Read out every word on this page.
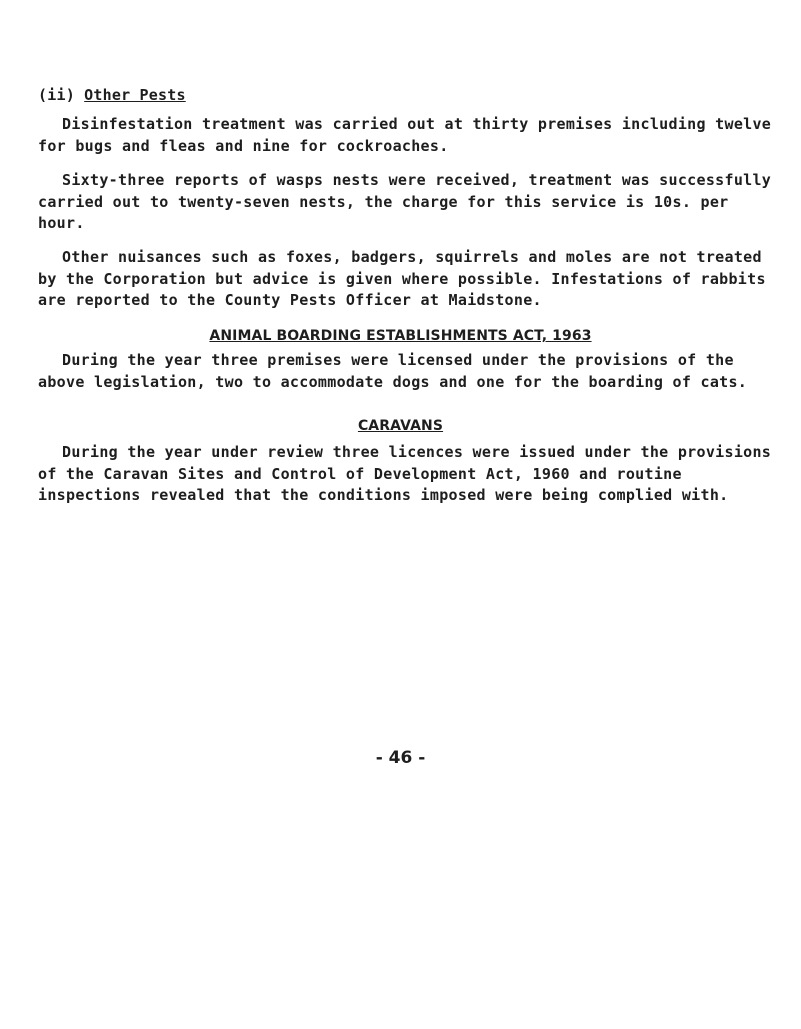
(ii) Other Pests

Disinfestation treatment was carried out at thirty premises including twelve for bugs and fleas and nine for cockroaches.

Sixty-three reports of wasps nests were received, treatment was successfully carried out to twenty-seven nests, the charge for this service is 10s. per hour.

Other nuisances such as foxes, badgers, squirrels and moles are not treated by the Corporation but advice is given where possible. Infestations of rabbits are reported to the County Pests Officer at Maidstone.

ANIMAL BOARDING ESTABLISHMENTS ACT, 1963

During the year three premises were licensed under the provisions of the above legislation, two to accommodate dogs and one for the boarding of cats.

CARAVANS

During the year under review three licences were issued under the provisions of the Caravan Sites and Control of Development Act, 1960 and routine inspections revealed that the conditions imposed were being complied with.

- 46 -
